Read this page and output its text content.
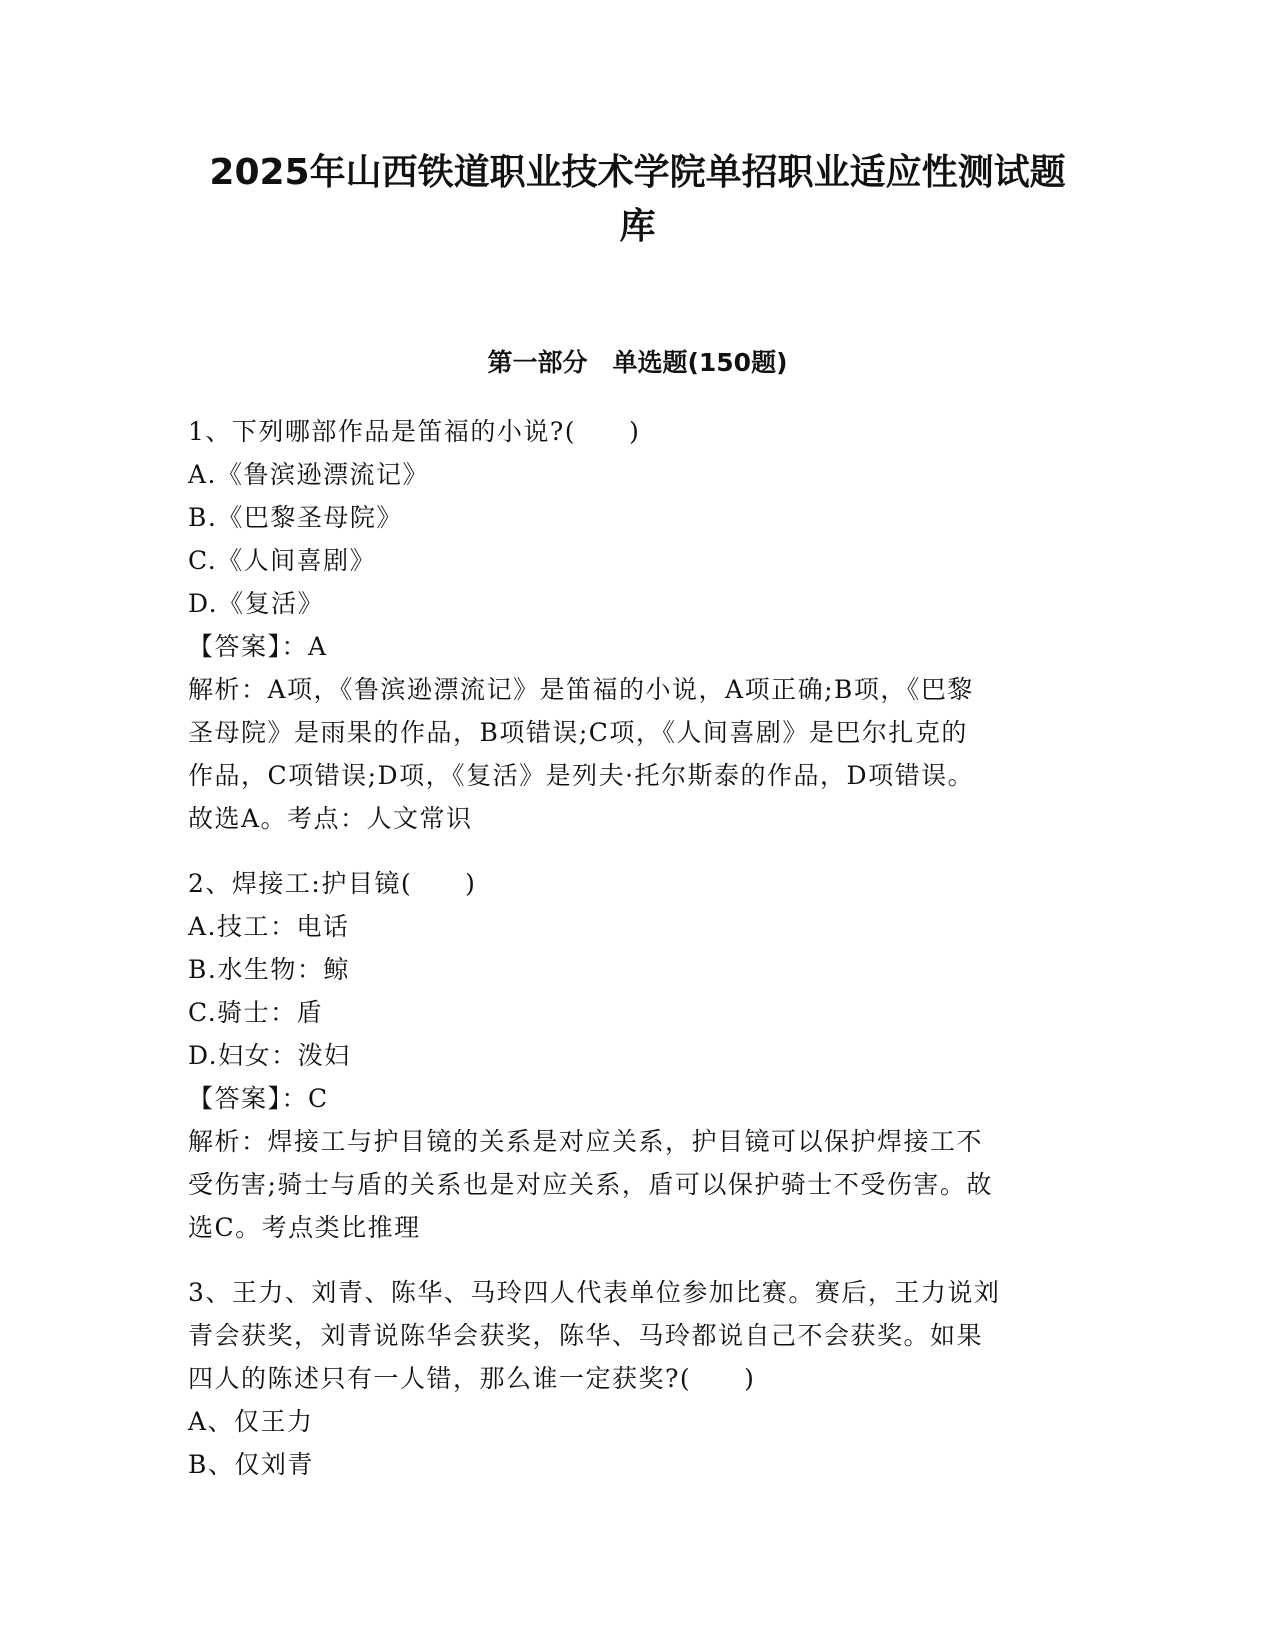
2025年山西铁道职业技术学院单招职业适应性测试题
库
第一部分　单选题(150题)
1、下列哪部作品是笛福的小说?(　　)
A.《鲁滨逊漂流记》
B.《巴黎圣母院》
C.《人间喜剧》
D.《复活》
【答案】：A
解析：A项，《鲁滨逊漂流记》是笛福的小说，A项正确;B项，《巴黎
圣母院》是雨果的作品，B项错误;C项，《人间喜剧》是巴尔扎克的
作品，C项错误;D项，《复活》是列夫·托尔斯泰的作品，D项错误。
故选A。考点：人文常识
2、焊接工:护目镜(　　)
A.技工：电话
B.水生物：鲸
C.骑士：盾
D.妇女：泼妇
【答案】：C
解析：焊接工与护目镜的关系是对应关系，护目镜可以保护焊接工不
受伤害;骑士与盾的关系也是对应关系，盾可以保护骑士不受伤害。故
选C。考点类比推理
3、王力、刘青、陈华、马玲四人代表单位参加比赛。赛后，王力说刘
青会获奖，刘青说陈华会获奖，陈华、马玲都说自己不会获奖。如果
四人的陈述只有一人错，那么谁一定获奖?(　　)
A、仅王力
B、仅刘青
